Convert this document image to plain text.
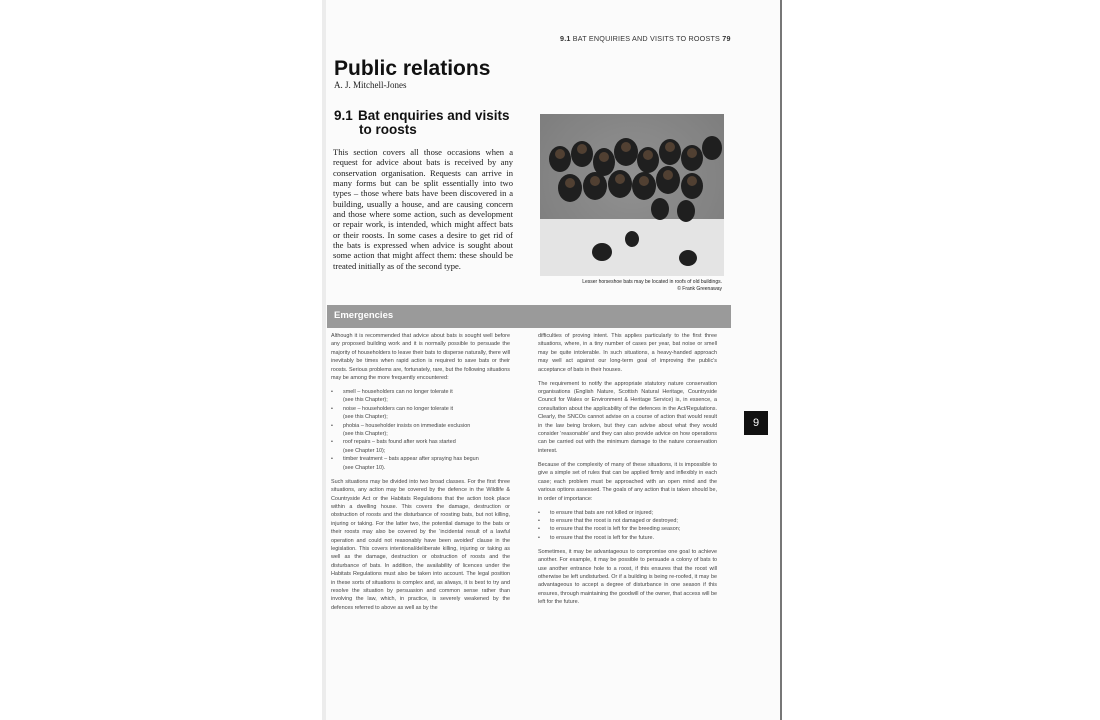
9.1 BAT ENQUIRIES AND VISITS TO ROOSTS 79
Public relations
A. J. Mitchell-Jones
9.1 Bat enquiries and visits
to roosts
This section covers all those occasions when a request for advice about bats is received by any conservation organisation. Requests can arrive in many forms but can be split essentially into two types – those where bats have been discovered in a building, usually a house, and are causing concern and those where some action, such as development or repair work, is intended, which might affect bats or their roosts. In some cases a desire to get rid of the bats is expressed when advice is sought about some action that might affect them: these should be treated initially as of the second type.
Lesser horseshoe bats may be located in roofs of old buildings.
© Frank Greenaway
Emergencies

Although it is recommended that advice about bats is sought well before any proposed building work and it is normally possible to persuade the majority of householders to leave their bats to disperse naturally, there will inevitably be times when rapid action is required to save bats or their roosts. Serious problems are, fortunately, rare, but the following situations may be among the more frequently encountered:

• smell – householders can no longer tolerate it
(see this Chapter);
• noise – householders can no longer tolerate it
(see this Chapter);
• phobia – householder insists on immediate exclusion
(see this Chapter);
• roof repairs – bats found after work has started
(see Chapter 10);
• timber treatment – bats appear after spraying has begun
(see Chapter 10).

Such situations may be divided into two broad classes. For the first three situations, any action may be covered by the defence in the Wildlife & Countryside Act or the Habitats Regulations that the action took place within a dwelling house. This covers the damage, destruction or obstruction of roosts and the disturbance of roosting bats, but not killing, injuring or taking. For the latter two, the potential damage to the bats or their roosts may also be covered by the ‘incidental result of a lawful operation and could not reasonably have been avoided’ clause in the legislation. This covers intentional/deliberate killing, injuring or taking as well as the damage, destruction or obstruction of roosts and the disturbance of bats. In addition, the availability of licences under the Habitats Regulations must also be taken into account. The legal position in these sorts of situations is complex and, as always, it is best to try and resolve the situation by persuasion and common sense rather than involving the law, which, in practice, is severely weakened by the defences referred to above as well as by the

difficulties of proving intent. This applies particularly to the first three situations, where, in a tiny number of cases per year, bat noise or smell may be quite intolerable. In such situations, a heavy-handed approach may well act against our long-term goal of improving the public’s acceptance of bats in their houses.

The requirement to notify the appropriate statutory nature conservation organisations (English Nature, Scottish Natural Heritage, Countryside Council for Wales or Environment & Heritage Service) is, in essence, a consultation about the applicability of the defences in the Act/Regulations. Clearly, the SNCOs cannot advise on a course of action that would result in the law being broken, but they can advise about what they would consider ‘reasonable’ and they can also provide advice on how operations can be carried out with the minimum damage to the nature conservation interest.

Because of the complexity of many of these situations, it is impossible to give a simple set of rules that can be applied firmly and inflexibly in each case; each problem must be approached with an open mind and the various options assessed. The goals of any action that is taken should be, in order of importance:

• to ensure that bats are not killed or injured;
• to ensure that the roost is not damaged or destroyed;
• to ensure that the roost is left for the breeding season;
• to ensure that the roost is left for the future.

Sometimes, it may be advantageous to compromise one goal to achieve another. For example, it may be possible to persuade a colony of bats to use another entrance hole to a roost, if this ensures that the roost will otherwise be left undisturbed. Or if a building is being re-roofed, it may be advantageous to accept a degree of disturbance in one season if this ensures, through maintaining the goodwill of the owner, that access will be left for the future.

9
